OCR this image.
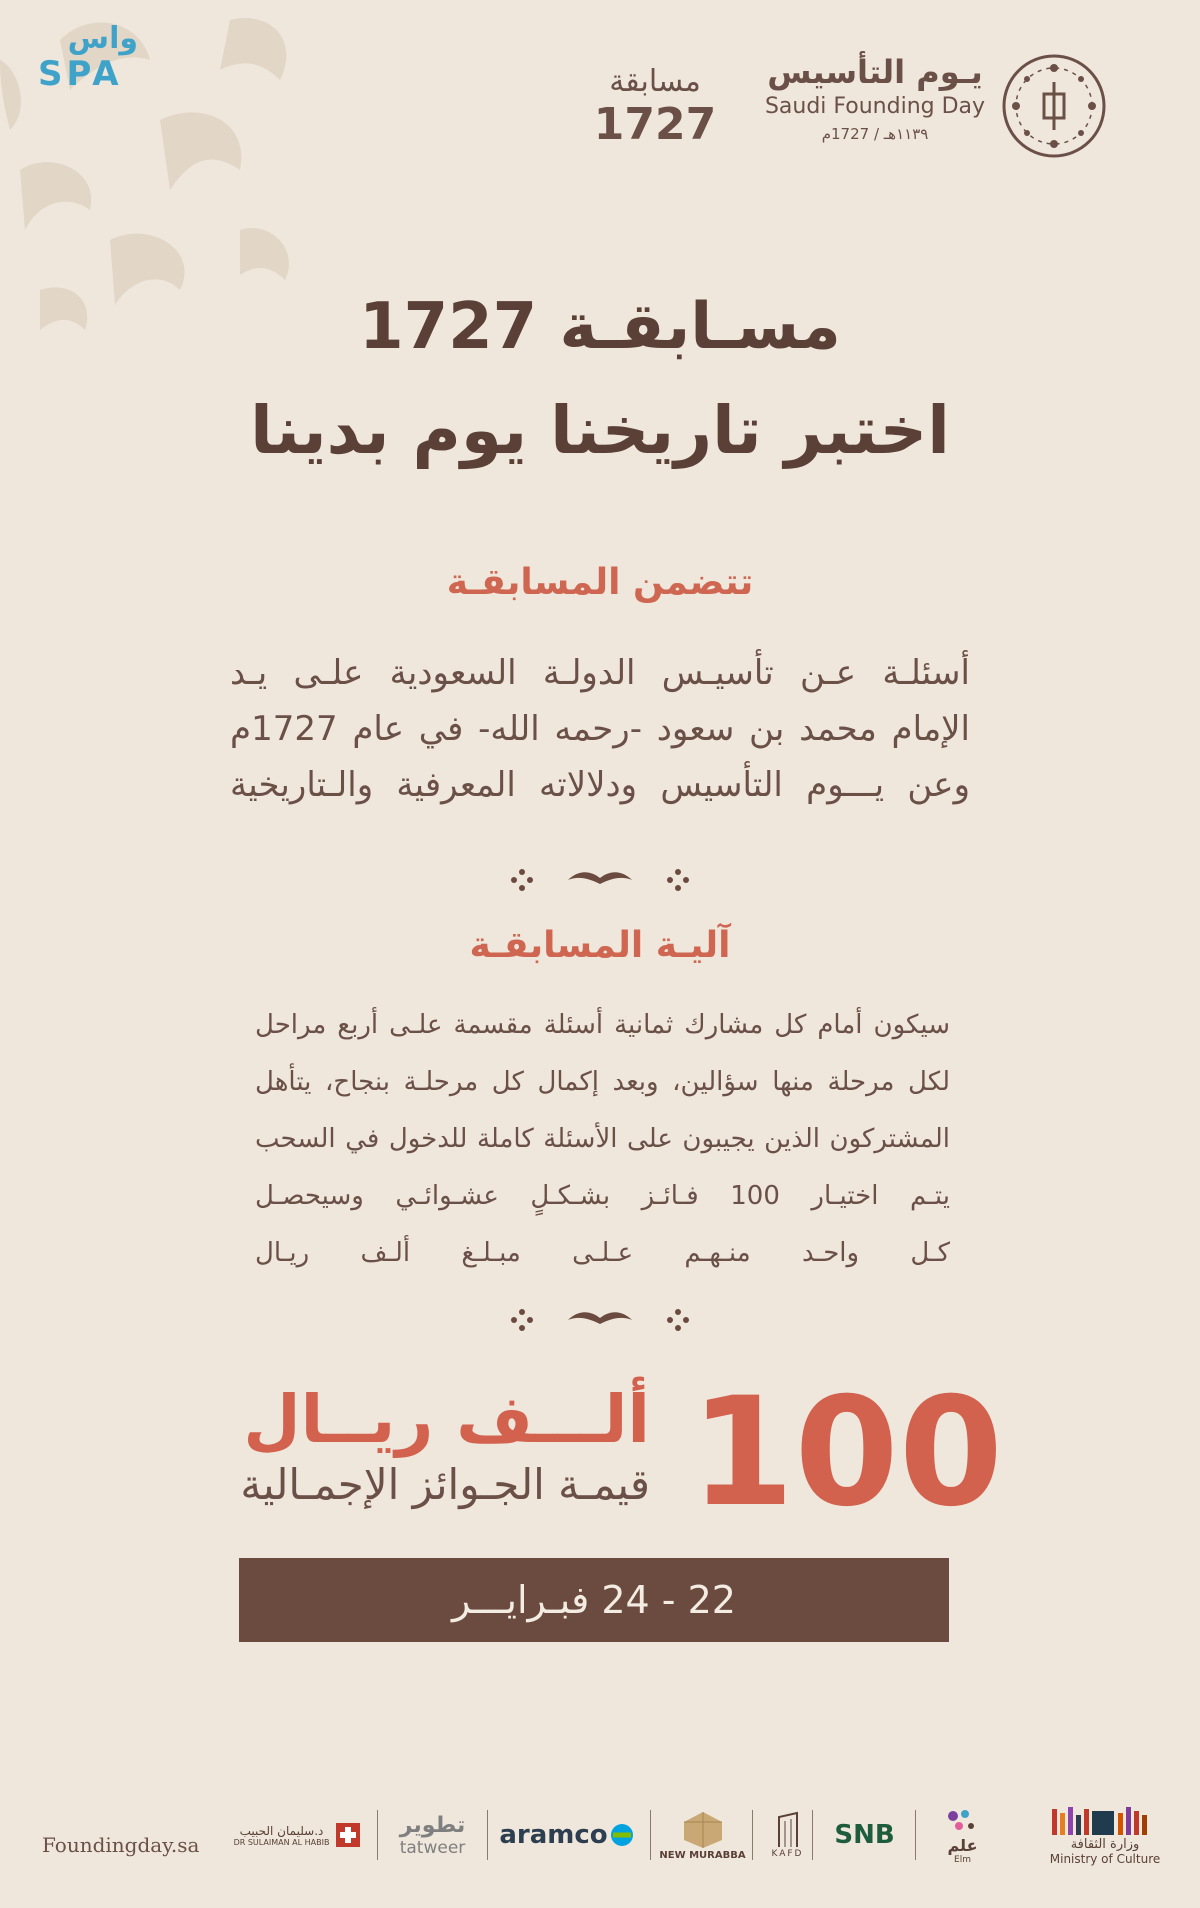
واس
SPA	مسابقة
1727
يـوم التأسيس
Saudi Founding Day
١١٣٩هـ / 1727م
مسـابقـة 1727
اختبر تاريخنا يوم بدينا
تتضمن المسابقـة
أسئلـة عـن تأسيـس الدولـة السعودية علـى يـد
الإمام محمد بن سعود -رحمه الله- في عام 1727م
وعن يـــوم التأسيس ودلالاته المعرفية والـتاريخية
آليـة المسابقـة
سيكون أمام كل مشارك ثمانية أسئلة مقسمة علـى أربع مراحل
لكل مرحلة منها سؤالين، وبعد إكمال كل مرحلـة بنجاح، يتأهل
المشتركون الذين يجيبون على الأسئلة كاملة للدخول في السحب
يتـم اختيـار 100 فـائـز بشـكـلٍ عشـوائـي وسيحصـل
كـل واحـد منـهـم عـلـى مبـلـغ ألـف ريـال
100
ألـــف ريــال
قيمـة الجـوائز الإجمـالية
22 - 24 فبـرايـــر
Foundingday.sa	وزارة الثقافة
Ministry of Culture
علم
Elm
SNB
KAFD
NEW MURABBA
aramco
تطوير
tatweer
د.سليمان الحبيب
DR SULAIMAN AL HABIB
